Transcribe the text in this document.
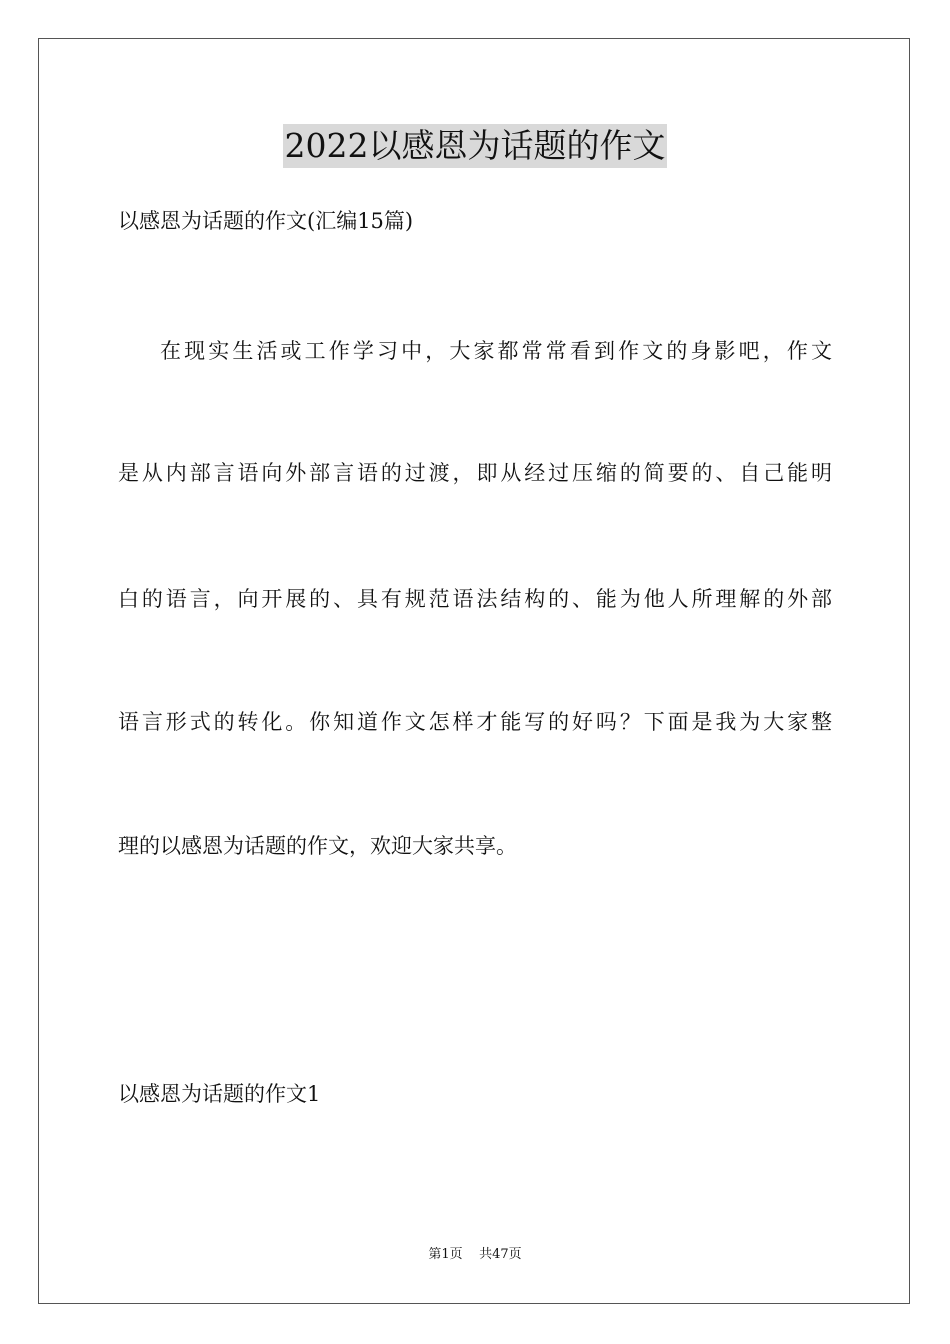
2022以感恩为话题的作文
以感恩为话题的作文(汇编15篇)
在现实生活或工作学习中，大家都常常看到作文的身影吧，作文
是从内部言语向外部言语的过渡，即从经过压缩的简要的、自己能明
白的语言，向开展的、具有规范语法结构的、能为他人所理解的外部
语言形式的转化。你知道作文怎样才能写的好吗？下面是我为大家整
理的以感恩为话题的作文，欢迎大家共享。
以感恩为话题的作文1
第1页 共47页
